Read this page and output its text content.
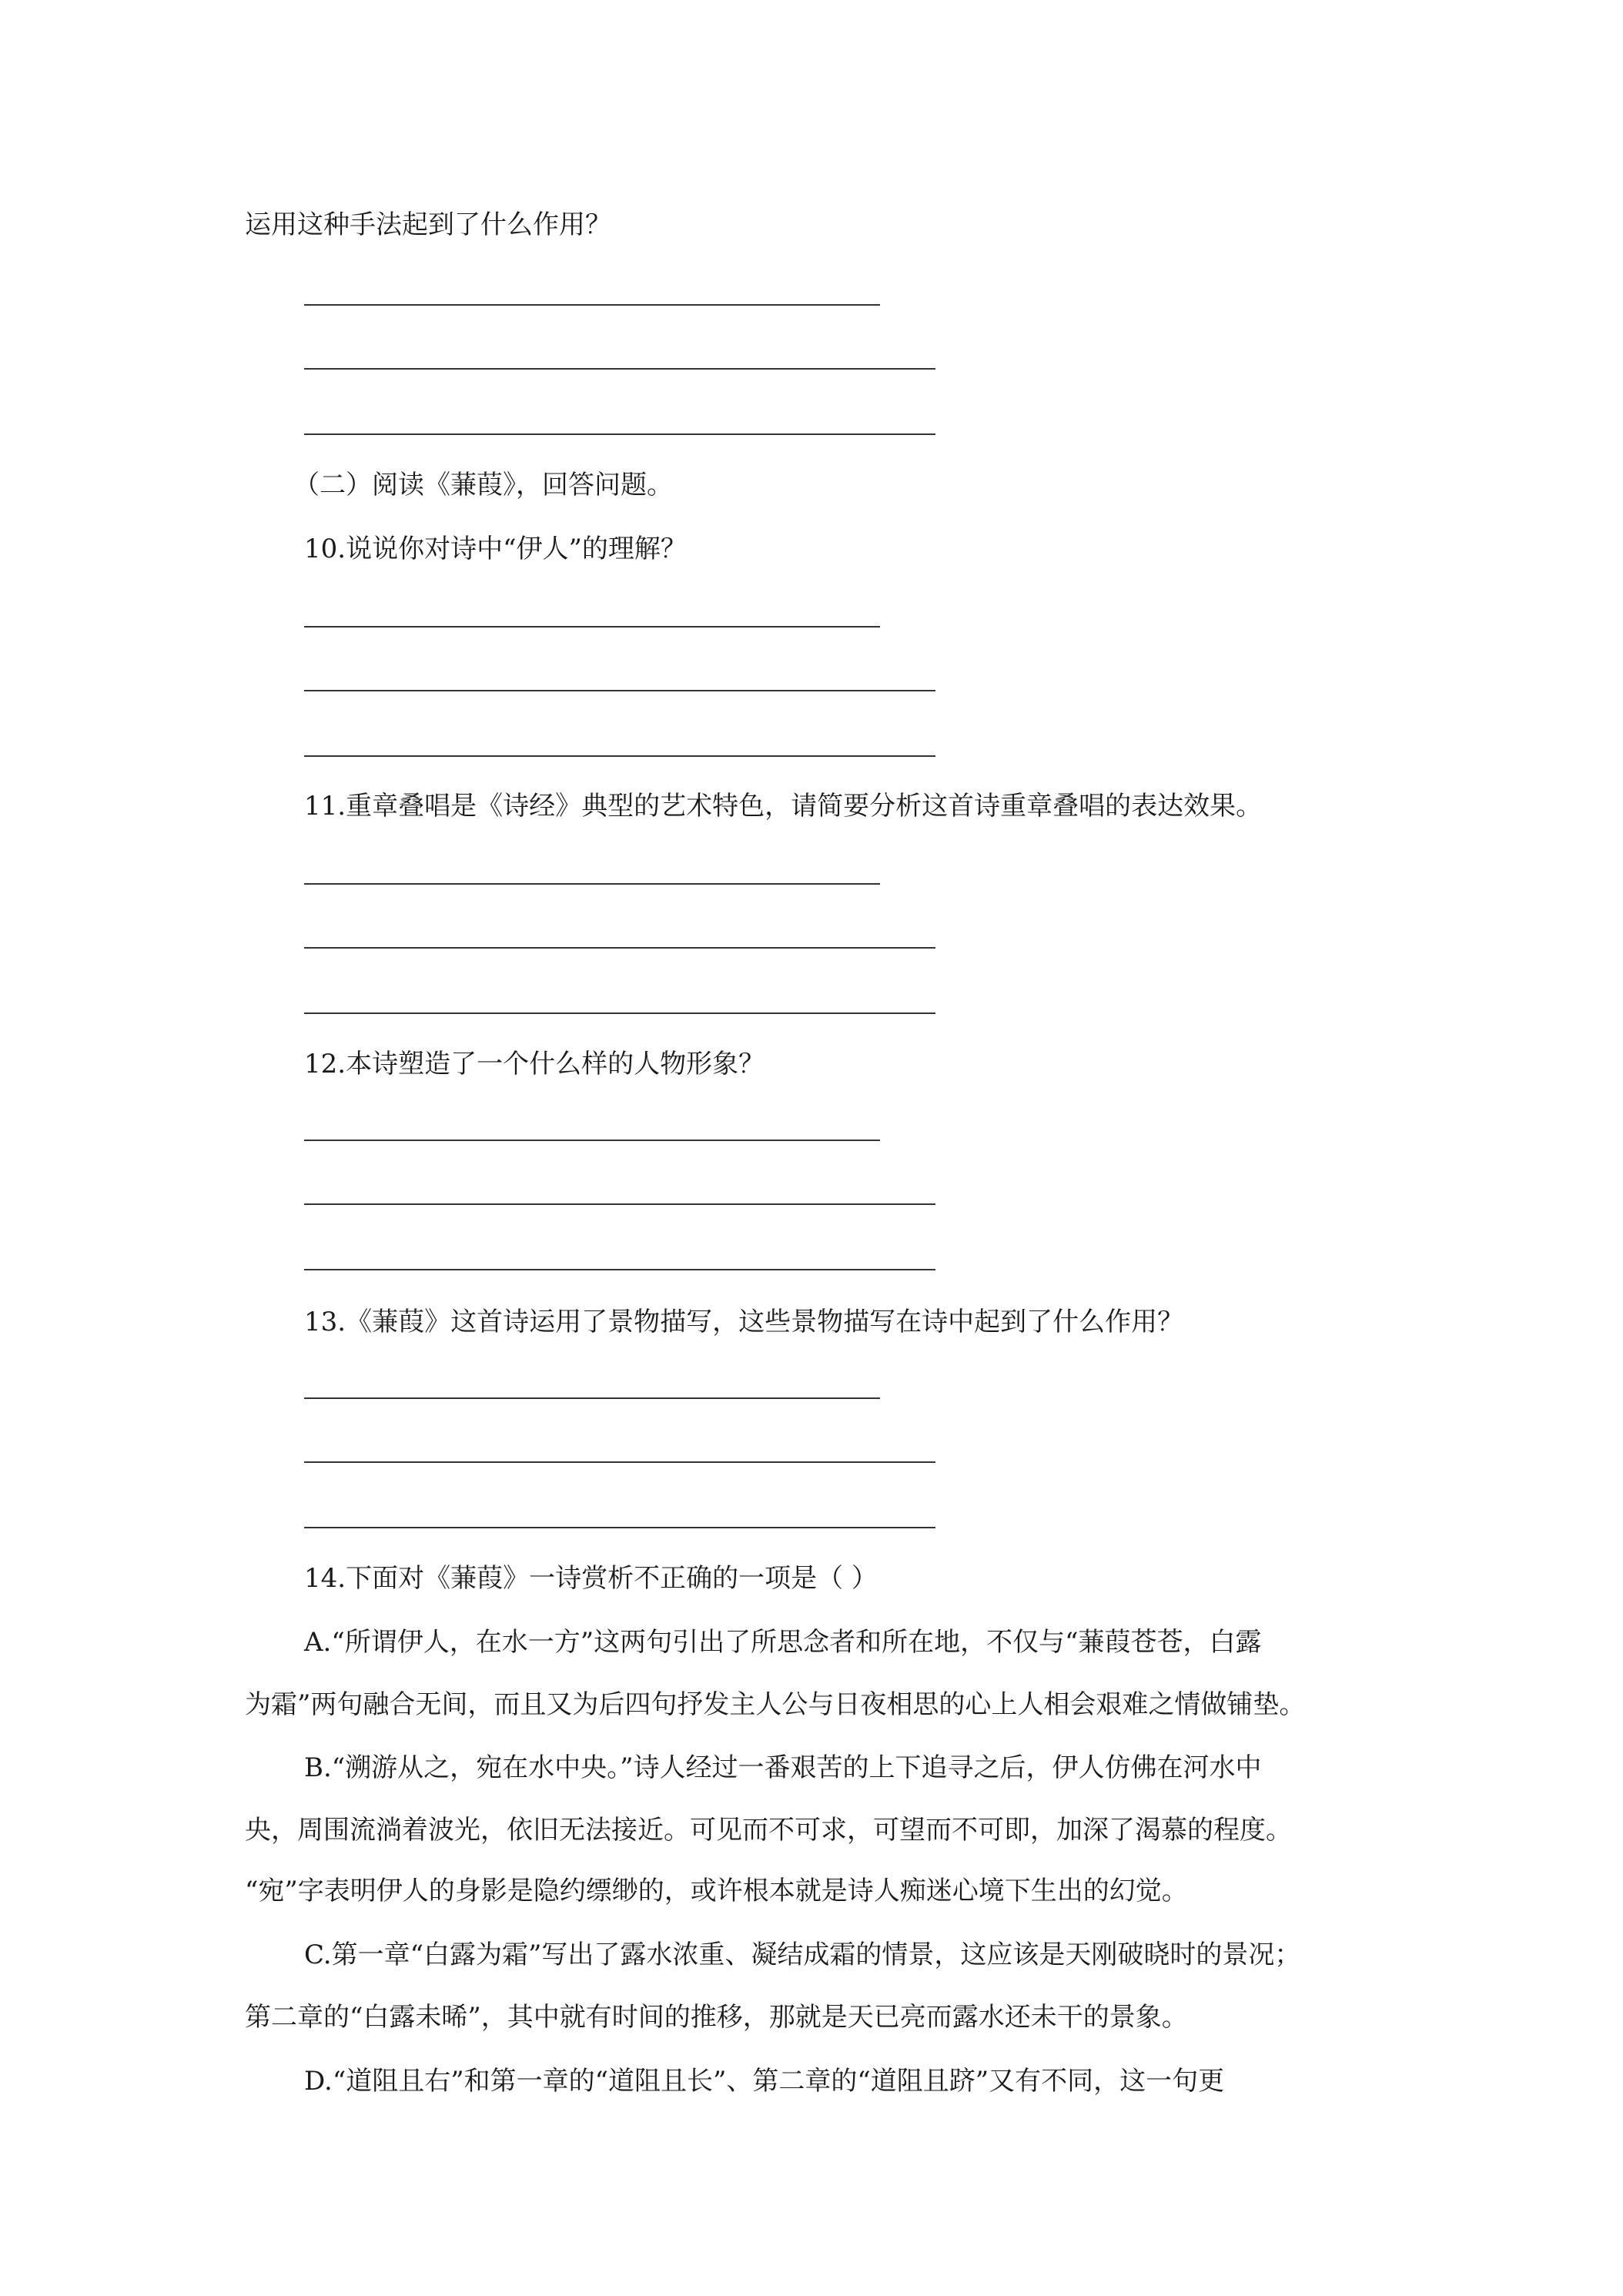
运用这种手法起到了什么作用？
（二）阅读《蒹葭》，回答问题。
10.说说你对诗中“伊人”的理解？
11.重章叠唱是《诗经》典型的艺术特色，请简要分析这首诗重章叠唱的表达效果。
12.本诗塑造了一个什么样的人物形象？
13.《蒹葭》这首诗运用了景物描写，这些景物描写在诗中起到了什么作用？
14.下面对《蒹葭》一诗赏析不正确的一项是（ ）
A.“所谓伊人，在水一方”这两句引出了所思念者和所在地，不仅与“蒹葭苍苍，白露
为霜”两句融合无间，而且又为后四句抒发主人公与日夜相思的心上人相会艰难之情做铺垫。
B.“溯游从之，宛在水中央。”诗人经过一番艰苦的上下追寻之后，伊人仿佛在河水中
央，周围流淌着波光，依旧无法接近。可见而不可求，可望而不可即，加深了渴慕的程度。
“宛”字表明伊人的身影是隐约缥缈的，或许根本就是诗人痴迷心境下生出的幻觉。
C.第一章“白露为霜”写出了露水浓重、凝结成霜的情景，这应该是天刚破晓时的景况；
第二章的“白露未晞”，其中就有时间的推移，那就是天已亮而露水还未干的景象。
D.“道阻且右”和第一章的“道阻且长”、第二章的“道阻且跻”又有不同，这一句更
